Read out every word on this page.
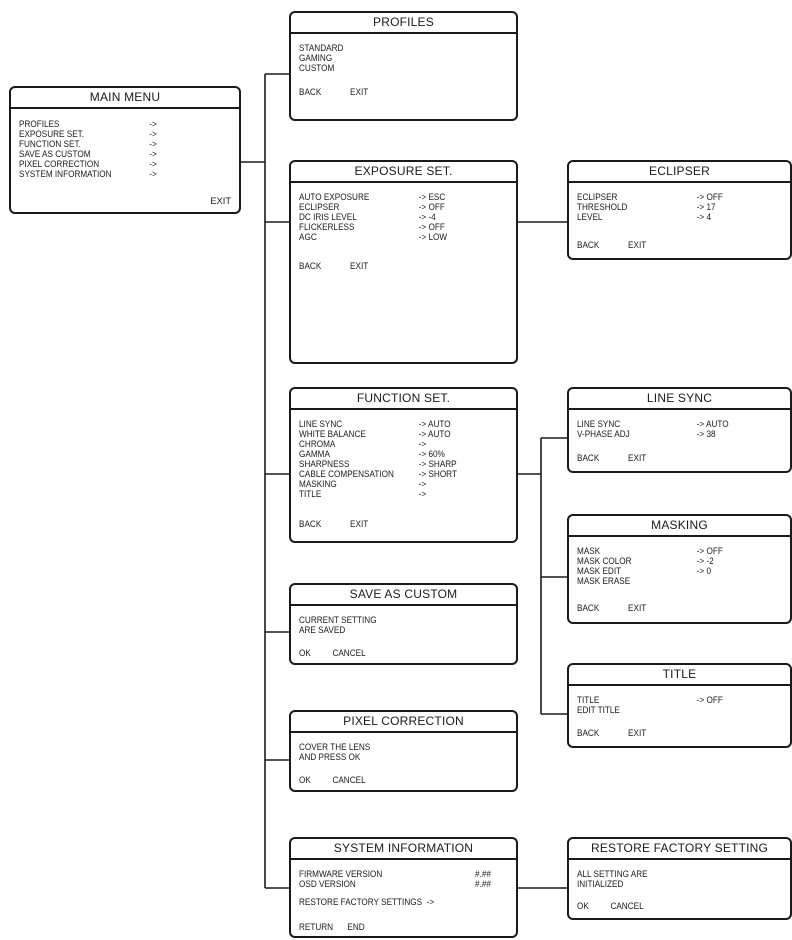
MAIN MENU
PROFILES	->
EXPOSURE SET.	->
FUNCTION SET.	->
SAVE AS CUSTOM	->
PIXEL CORRECTION	->
SYSTEM INFORMATION	->
EXIT
PROFILES
STANDARD
GAMING
CUSTOM
BACK	EXIT
EXPOSURE SET.
AUTO EXPOSURE	-> ESC
ECLIPSER	-> OFF
DC IRIS LEVEL	-> -4
FLICKERLESS	-> OFF
AGC	-> LOW
BACK	EXIT
ECLIPSER
ECLIPSER	-> OFF
THRESHOLD	-> 17
LEVEL	-> 4
BACK	EXIT
FUNCTION SET.
LINE SYNC	-> AUTO
WHITE BALANCE	-> AUTO
CHROMA	->
GAMMA	-> 60%
SHARPNESS	-> SHARP
CABLE COMPENSATION	-> SHORT
MASKING	->
TITLE	->
BACK	EXIT
LINE SYNC
LINE SYNC	-> AUTO
V-PHASE ADJ	-> 38
BACK	EXIT
MASKING
MASK	-> OFF
MASK COLOR	-> -2
MASK EDIT	-> 0
MASK ERASE
BACK	EXIT
TITLE
TITLE	-> OFF
EDIT TITLE
BACK	EXIT
SAVE AS CUSTOM
CURRENT SETTING
ARE SAVED
OK CANCEL
PIXEL CORRECTION
COVER THE LENS
AND PRESS OK
OK CANCEL
SYSTEM INFORMATION
FIRMWARE VERSION	#.##
OSD VERSION	#.##
RESTORE FACTORY SETTINGS  ->
RETURN END
RESTORE FACTORY SETTING
ALL SETTING ARE
INITIALIZED
OK CANCEL
